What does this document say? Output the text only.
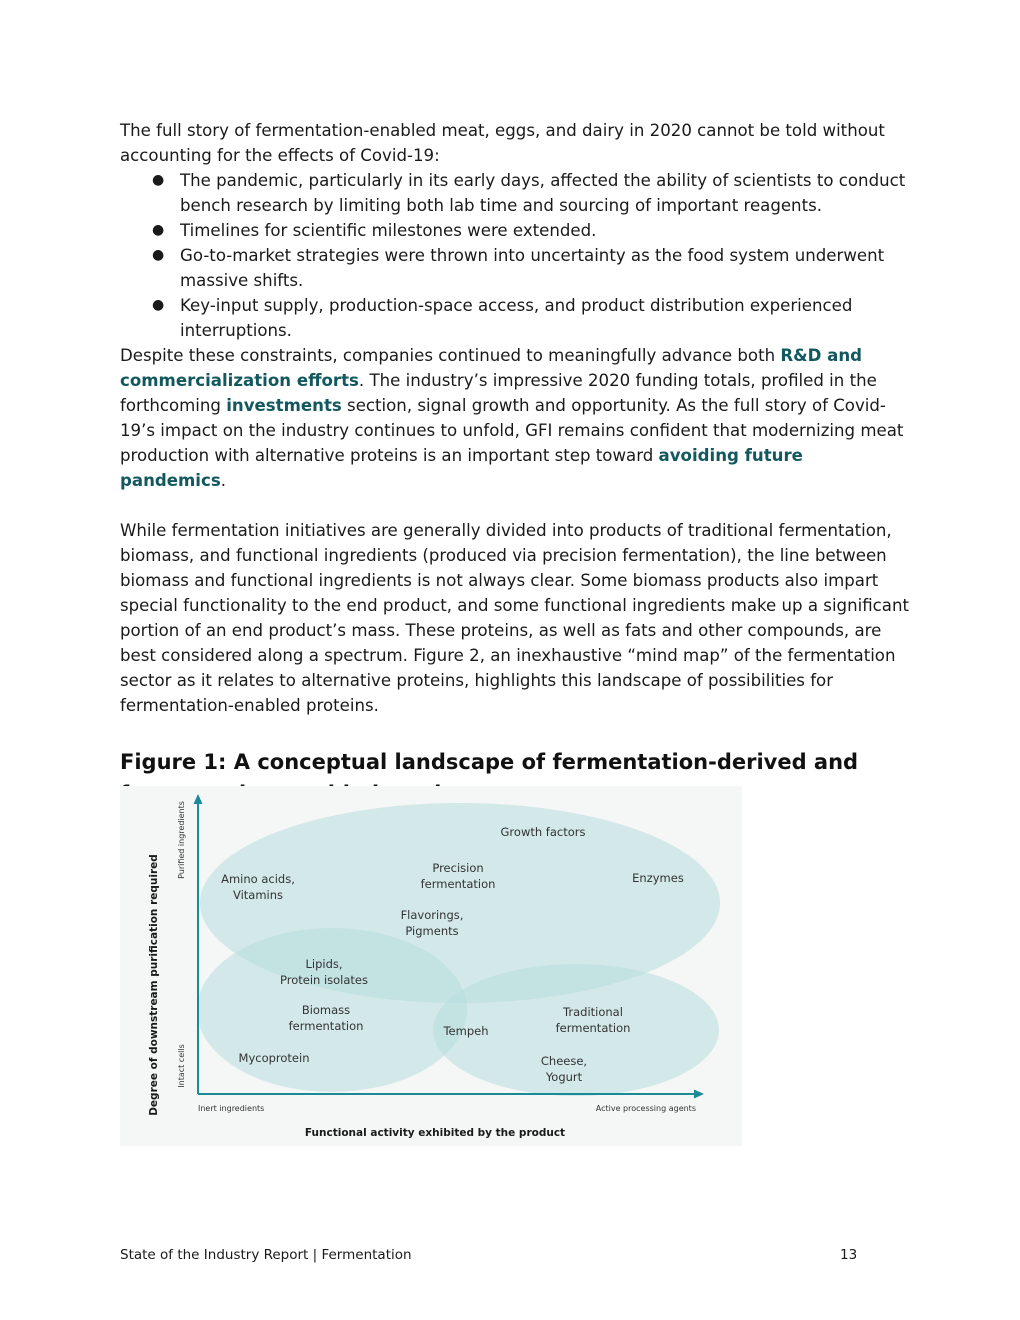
The full story of fermentation-enabled meat, eggs, and dairy in 2020 cannot be told without accounting for the effects of Covid-19:

● The pandemic, particularly in its early days, affected the ability of scientists to conduct bench research by limiting both lab time and sourcing of important reagents.
● Timelines for scientific milestones were extended.
● Go-to-market strategies were thrown into uncertainty as the food system underwent massive shifts.
● Key-input supply, production-space access, and product distribution experienced interruptions.

Despite these constraints, companies continued to meaningfully advance both R&D and commercialization efforts. The industry’s impressive 2020 funding totals, profiled in the forthcoming investments section, signal growth and opportunity. As the full story of Covid-19’s impact on the industry continues to unfold, GFI remains confident that modernizing meat production with alternative proteins is an important step toward avoiding future pandemics.

While fermentation initiatives are generally divided into products of traditional fermentation, biomass, and functional ingredients (produced via precision fermentation), the line between biomass and functional ingredients is not always clear. Some biomass products also impart special functionality to the end product, and some functional ingredients make up a significant portion of an end product’s mass. These proteins, as well as fats and other compounds, are best considered along a spectrum. Figure 2, an inexhaustive “mind map” of the fermentation sector as it relates to alternative proteins, highlights this landscape of possibilities for fermentation-enabled proteins.

Figure 1: A conceptual landscape of fermentation-derived and
Degree of downstream purification required
Purified ingredients
Intact cells
Inert ingredients	Active processing agents
Functional activity exhibited by the product
Growth factors
Precision
fermentation	Enzymes
Amino acids,
Vitamins
Flavorings,
Pigments
Lipids,
Protein isolates
Biomass
fermentation	Tempeh
Traditional
fermentation
Mycoprotein	Cheese,
Yogurt
State of the Industry Report | Fermentation	13
